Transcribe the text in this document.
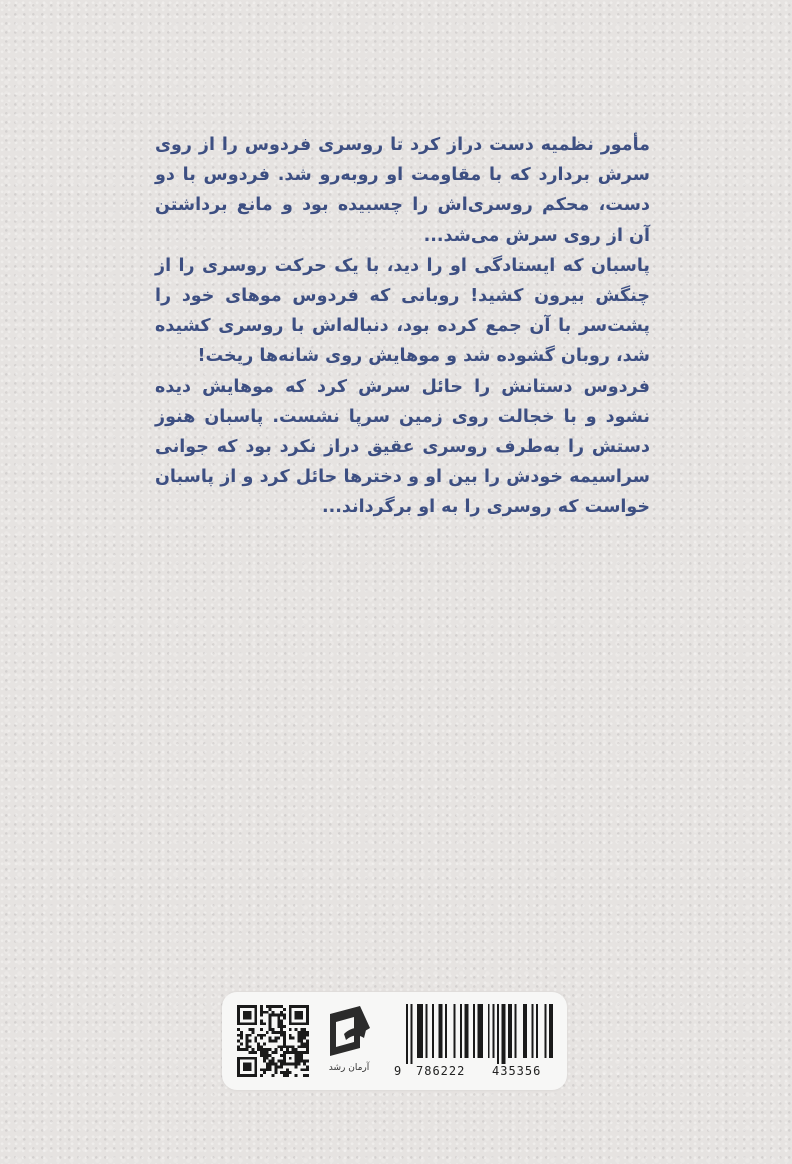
مأمور نظمیه دست دراز کرد تا روسری فردوس را از روی سرش بردارد که با مقاومت او روبه‌رو شد. فردوس با دو دست، محکم روسری‌اش را چسبیده بود و مانع برداشتن آن از روی سرش می‌شد...

پاسبان که ایستادگی او را دید، با یک حرکت روسری را از چنگش بیرون کشید! روبانی که فردوس موهای خود را پشت‌سر با آن جمع کرده بود، دنباله‌اش با روسری کشیده شد، روبان گشوده شد و موهایش روی شانه‌ها ریخت!

فردوس دستانش را حائل سرش کرد که موهایش دیده نشود و با خجالت روی زمین سرپا نشست. پاسبان هنوز دستش را به‌طرف روسری عقیق دراز نکرد بود که جوانی سراسیمه خودش را بین او و دخترها حائل کرد و از پاسبان خواست که روسری را به او برگرداند...

آرمان رشد	9 786222 435356
